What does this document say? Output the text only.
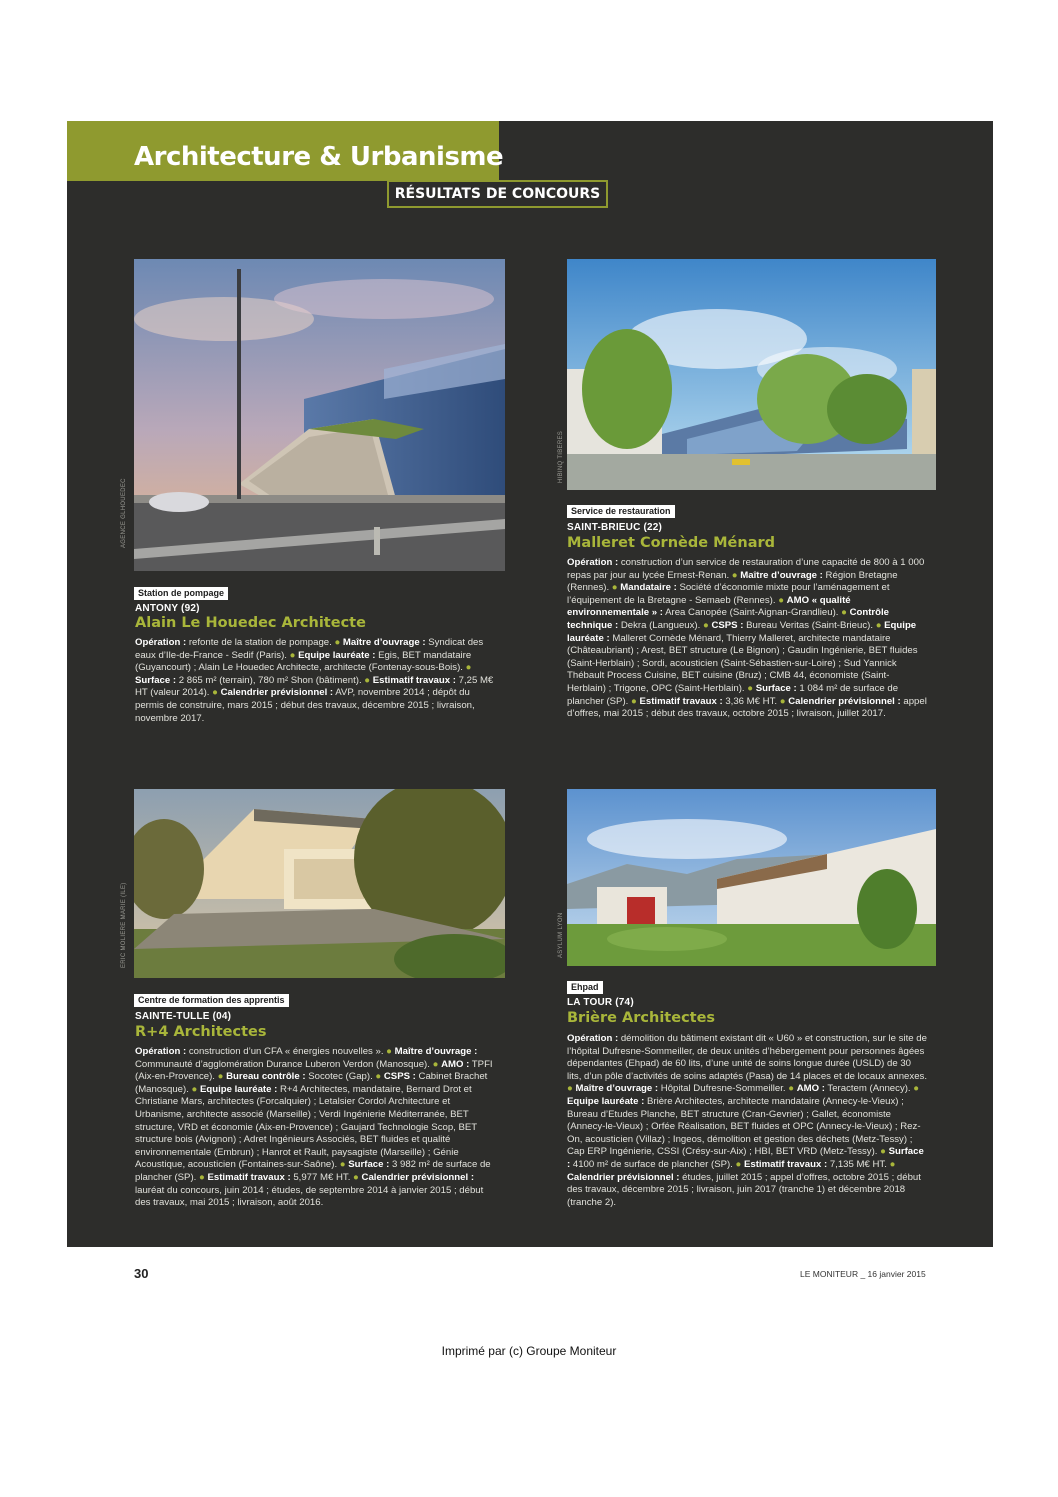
Architecture & Urbanisme
RÉSULTATS DE CONCOURS
AGENCE GLHOUEDEC
HIBINQ TIBERES
ERIC MOLIERE MARIE (ILE)	ASYLUM LYON
Station de pompage
ANTONY (92)
Alain Le Houedec Architecte
Opération : refonte de la station de pompage. ● Maître d’ouvrage : Syndicat des eaux d’Ile-de-France - Sedif (Paris). ● Equipe lauréate : Egis, BET mandataire (Guyancourt) ; Alain Le Houedec Architecte, architecte (Fontenay-sous-Bois). ● Surface : 2 865 m² (terrain), 780 m² Shon (bâtiment). ● Estimatif travaux : 7,25 M€ HT (valeur 2014). ● Calendrier prévisionnel : AVP, novembre 2014 ; dépôt du permis de construire, mars 2015 ; début des travaux, décembre 2015 ; livraison, novembre 2017.
Service de restauration
SAINT-BRIEUC (22)
Malleret Cornède Ménard
Opération : construction d’un service de restauration d’une capacité de 800 à 1 000 repas par jour au lycée Ernest-Renan. ● Maître d’ouvrage : Région Bretagne (Rennes). ● Mandataire : Société d’économie mixte pour l’aménagement et l’équipement de la Bretagne - Semaeb (Rennes). ● AMO « qualité environnementale » : Area Canopée (Saint-Aignan-Grandlieu). ● Contrôle technique : Dekra (Langueux). ● CSPS : Bureau Veritas (Saint-Brieuc). ● Equipe lauréate : Malleret Cornède Ménard, Thierry Malleret, architecte mandataire (Châteaubriant) ; Arest, BET structure (Le Bignon) ; Gaudin Ingénierie, BET fluides (Saint-Herblain) ; Sordi, acousticien (Saint-Sébastien-sur-Loire) ; Sud Yannick Thébault Process Cuisine, BET cuisine (Bruz) ; CMB 44, économiste (Saint-Herblain) ; Trigone, OPC (Saint-Herblain). ● Surface : 1 084 m² de surface de plancher (SP). ● Estimatif travaux : 3,36 M€ HT. ● Calendrier prévisionnel : appel d’offres, mai 2015 ; début des travaux, octobre 2015 ; livraison, juillet 2017.
Centre de formation des apprentis
SAINTE-TULLE (04)
R+4 Architectes
Opération : construction d’un CFA « énergies nouvelles ». ● Maître d’ouvrage : Communauté d’agglomération Durance Luberon Verdon (Manosque). ● AMO : TPFI (Aix-en-Provence). ● Bureau contrôle : Socotec (Gap). ● CSPS : Cabinet Brachet (Manosque). ● Equipe lauréate : R+4 Architectes, mandataire, Bernard Drot et Christiane Mars, architectes (Forcalquier) ; Letalsier Cordol Architecture et Urbanisme, architecte associé (Marseille) ; Verdi Ingénierie Méditerranée, BET structure, VRD et économie (Aix-en-Provence) ; Gaujard Technologie Scop, BET structure bois (Avignon) ; Adret Ingénieurs Associés, BET fluides et qualité environnementale (Embrun) ; Hanrot et Rault, paysagiste (Marseille) ; Génie Acoustique, acousticien (Fontaines-sur-Saône). ● Surface : 3 982 m² de surface de plancher (SP). ● Estimatif travaux : 5,977 M€ HT. ● Calendrier prévisionnel : lauréat du concours, juin 2014 ; études, de septembre 2014 à janvier 2015 ; début des travaux, mai 2015 ; livraison, août 2016.
Ehpad
LA TOUR (74)
Brière Architectes
Opération : démolition du bâtiment existant dit « U60 » et construction, sur le site de l’hôpital Dufresne-Sommeiller, de deux unités d’hébergement pour personnes âgées dépendantes (Ehpad) de 60 lits, d’une unité de soins longue durée (USLD) de 30 lits, d’un pôle d’activités de soins adaptés (Pasa) de 14 places et de locaux annexes. ● Maître d’ouvrage : Hôpital Dufresne-Sommeiller. ● AMO : Teractem (Annecy). ● Equipe lauréate : Brière Architectes, architecte mandataire (Annecy-le-Vieux) ; Bureau d’Etudes Planche, BET structure (Cran-Gevrier) ; Gallet, économiste (Annecy-le-Vieux) ; Orfée Réalisation, BET fluides et OPC (Annecy-le-Vieux) ; Rez-On, acousticien (Villaz) ; Ingeos, démolition et gestion des déchets (Metz-Tessy) ; Cap ERP Ingénierie, CSSI (Crésy-sur-Aix) ; HBI, BET VRD (Metz-Tessy). ● Surface : 4100 m² de surface de plancher (SP). ● Estimatif travaux : 7,135 M€ HT. ● Calendrier prévisionnel : études, juillet 2015 ; appel d’offres, octobre 2015 ; début des travaux, décembre 2015 ; livraison, juin 2017 (tranche 1) et décembre 2018 (tranche 2).
30	LE MONITEUR _ 16 janvier 2015
Imprimé par (c) Groupe Moniteur
